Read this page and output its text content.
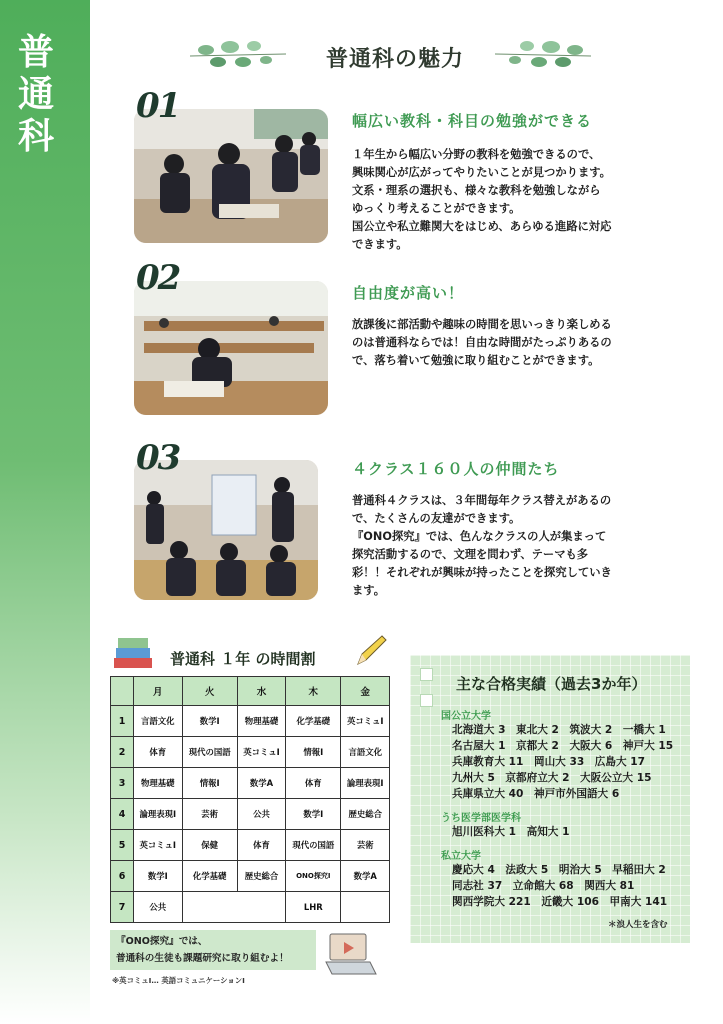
普
通
科
普通科の魅力
01	幅広い教科・科目の勉強ができる

１年生から幅広い分野の教科を勉強できるので、

興味関心が広がってやりたいことが見つかります。

文系・理系の選択も、様々な教科を勉強しながら

ゆっくり考えることができます。

国公立や私立難関大をはじめ、あらゆる進路に対応

できます。

02	自由度が高い！

放課後に部活動や趣味の時間を思いっきり楽しめる

のは普通科ならでは！自由な時間がたっぷりあるの

で、落ち着いて勉強に取り組むことができます。

03	４クラス１６０人の仲間たち

普通科４クラスは、３年間毎年クラス替えがあるの

で、たくさんの友達ができます。

『ONO探究』では、色んなクラスの人が集まって

探究活動するので、文理を問わず、テーマも多

彩！！それぞれが興味が持ったことを探究していき

ます。

普通科 １年 の時間割
	月	火	水	木	金
1	言語文化	数学Ⅰ	物理基礎	化学基礎	英コミュⅠ
2	体育	現代の国語	英コミュⅠ	情報Ⅰ	言語文化
3	物理基礎	情報Ⅰ	数学A	体育	論理表現Ⅰ
4	論理表現Ⅰ	芸術	公共	数学Ⅰ	歴史総合
5	英コミュⅠ	保健	体育	現代の国語	芸術
6	数学Ⅰ	化学基礎	歴史総合	ONO探究Ⅰ	数学A
7	公共			LHR	
『ONO探究』では、
普通科の生徒も課題研究に取り組むよ！
※英コミュⅠ… 英語コミュニケーションⅠ
主な合格実績（過去3か年）
国公立大学
北海道大 3　東北大 2　筑波大 2　一橋大 1
名古屋大 1　京都大 2　大阪大 6　神戸大 15
兵庫教育大 11　岡山大 33　広島大 17
九州大 5　京都府立大 2　大阪公立大 15
兵庫県立大 40　神戸市外国語大 6
うち医学部医学科
旭川医科大 1　高知大 1
私立大学
慶応大 4　法政大 5　明治大 5　早稲田大 2
同志社 37　立命館大 68　関西大 81
関西学院大 221　近畿大 106　甲南大 141
＊浪人生を含む
